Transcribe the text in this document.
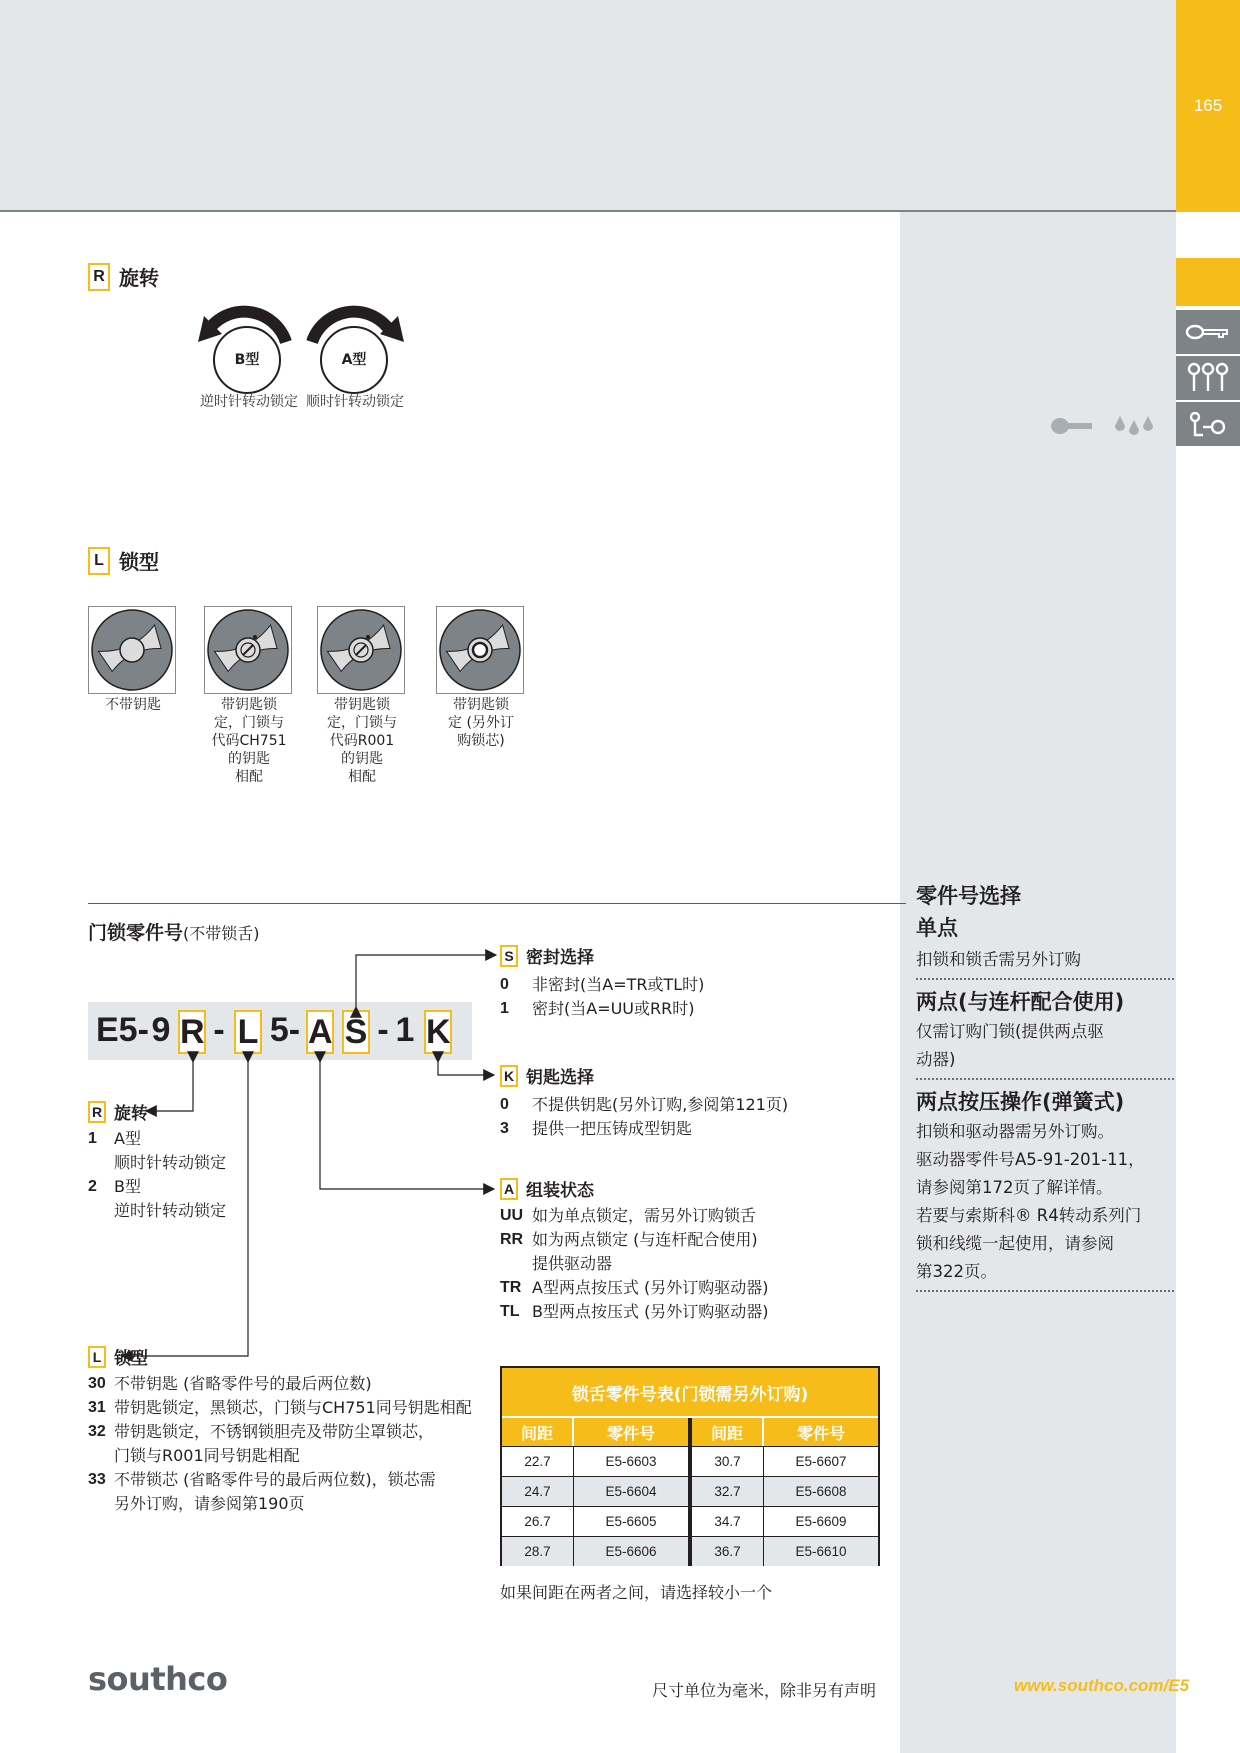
165
R 旋转
B型	A型
逆时针转动锁定 顺时针转动锁定
L 锁型
不带钥匙	带钥匙锁
定，门锁与
代码CH751
的钥匙
相配
带钥匙锁
定，门锁与
代码R001
的钥匙
相配
带钥匙锁
定 (另外订
购锁芯)
门锁零件号(不带锁舌)
E5- 9 R - L 5- A S - 1 K
S 密封选择
0	非密封(当A=TR或TL时)
1	密封(当A=UU或RR时)
K 钥匙选择
0	不提供钥匙(另外订购,参阅第121页)
3	提供一把压铸成型钥匙
A 组装状态
UU 如为单点锁定，需另外订购锁舌
RR 如为两点锁定 (与连杆配合使用)
提供驱动器
TR A型两点按压式 (另外订购驱动器)
TL B型两点按压式 (另外订购驱动器)
R 旋转
1	A型
顺时针转动锁定
2	B型
逆时针转动锁定
L 锁型
30 不带钥匙 (省略零件号的最后两位数)
31 带钥匙锁定，黑锁芯，门锁与CH751同号钥匙相配
32 带钥匙锁定，不锈钢锁胆壳及带防尘罩锁芯，
门锁与R001同号钥匙相配
33 不带锁芯 (省略零件号的最后两位数)，锁芯需
另外订购，请参阅第190页
锁舌零件号表(门锁需另外订购)
间距	零件号
22.7	E5-6603
24.7	E5-6604
26.7	E5-6605
28.7	E5-6606
间距	零件号
30.7	E5-6607
32.7	E5-6608
34.7	E5-6609
36.7	E5-6610
如果间距在两者之间，请选择较小一个
零件号选择
单点
扣锁和锁舌需另外订购
两点(与连杆配合使用)
仅需订购门锁(提供两点驱
动器)
两点按压操作(弹簧式)
扣锁和驱动器需另外订购。
驱动器零件号A5-91-201-11，
请参阅第172页了解详情。
若要与索斯科® R4转动系列门
锁和线缆一起使用，请参阅
第322页。
southco	尺寸单位为毫米，除非另有声明	www.southco.com/E5
